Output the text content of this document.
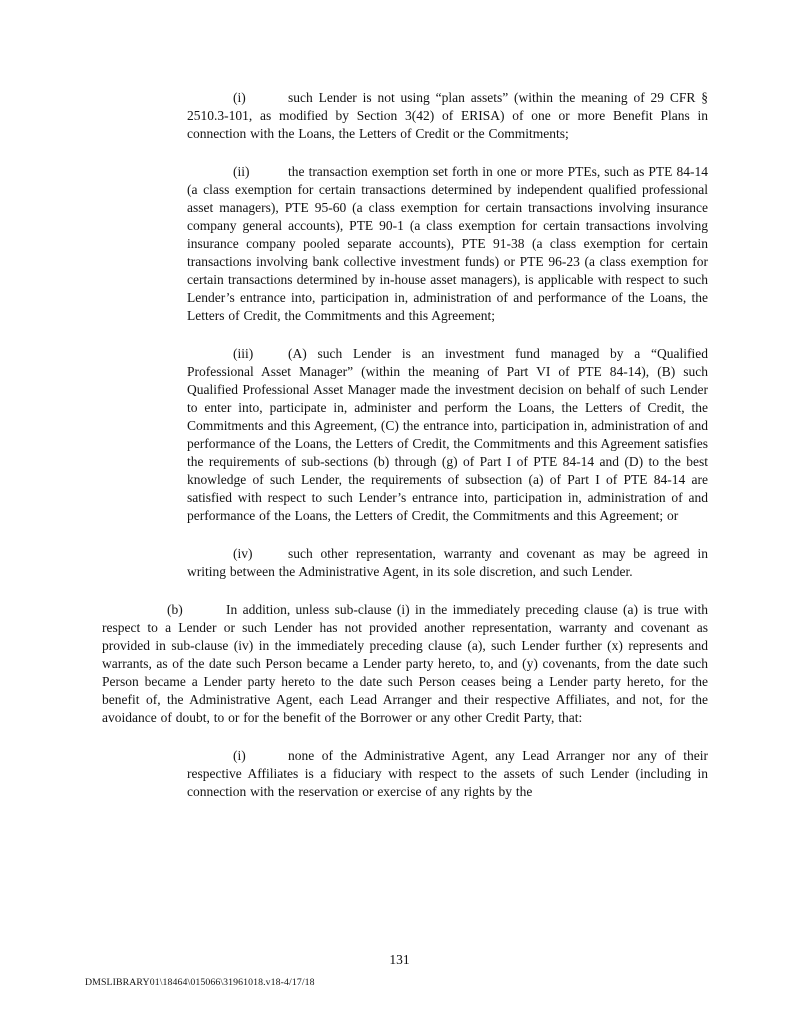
(i)	such Lender is not using “plan assets” (within the meaning of 29 CFR § 2510.3-101, as modified by Section 3(42) of ERISA) of one or more Benefit Plans in connection with the Loans, the Letters of Credit or the Commitments;

(ii)	the transaction exemption set forth in one or more PTEs, such as PTE 84-14 (a class exemption for certain transactions determined by independent qualified professional asset managers), PTE 95-60 (a class exemption for certain transactions involving insurance company general accounts), PTE 90-1 (a class exemption for certain transactions involving insurance company pooled separate accounts), PTE 91-38 (a class exemption for certain transactions involving bank collective investment funds) or PTE 96-23 (a class exemption for certain transactions determined by in-house asset managers), is applicable with respect to such Lender’s entrance into, participation in, administration of and performance of the Loans, the Letters of Credit, the Commitments and this Agreement;

(iii)	(A) such Lender is an investment fund managed by a “Qualified Professional Asset Manager” (within the meaning of Part VI of PTE 84-14), (B) such Qualified Professional Asset Manager made the investment decision on behalf of such Lender to enter into, participate in, administer and perform the Loans, the Letters of Credit, the Commitments and this Agreement, (C) the entrance into, participation in, administration of and performance of the Loans, the Letters of Credit, the Commitments and this Agreement satisfies the requirements of sub-sections (b) through (g) of Part I of PTE 84-14 and (D) to the best knowledge of such Lender, the requirements of subsection (a) of Part I of PTE 84-14 are satisfied with respect to such Lender’s entrance into, participation in, administration of and performance of the Loans, the Letters of Credit, the Commitments and this Agreement; or

(iv)	such other representation, warranty and covenant as may be agreed in writing between the Administrative Agent, in its sole discretion, and such Lender.

(b)	In addition, unless sub-clause (i) in the immediately preceding clause (a) is true with respect to a Lender or such Lender has not provided another representation, warranty and covenant as provided in sub-clause (iv) in the immediately preceding clause (a), such Lender further (x) represents and warrants, as of the date such Person became a Lender party hereto, to, and (y) covenants, from the date such Person became a Lender party hereto to the date such Person ceases being a Lender party hereto, for the benefit of, the Administrative Agent, each Lead Arranger and their respective Affiliates, and not, for the avoidance of doubt, to or for the benefit of the Borrower or any other Credit Party, that:

(i)	none of the Administrative Agent, any Lead Arranger nor any of their respective Affiliates is a fiduciary with respect to the assets of such Lender (including in connection with the reservation or exercise of any rights by the

131
DMSLIBRARY01\18464\015066\31961018.v18-4/17/18
